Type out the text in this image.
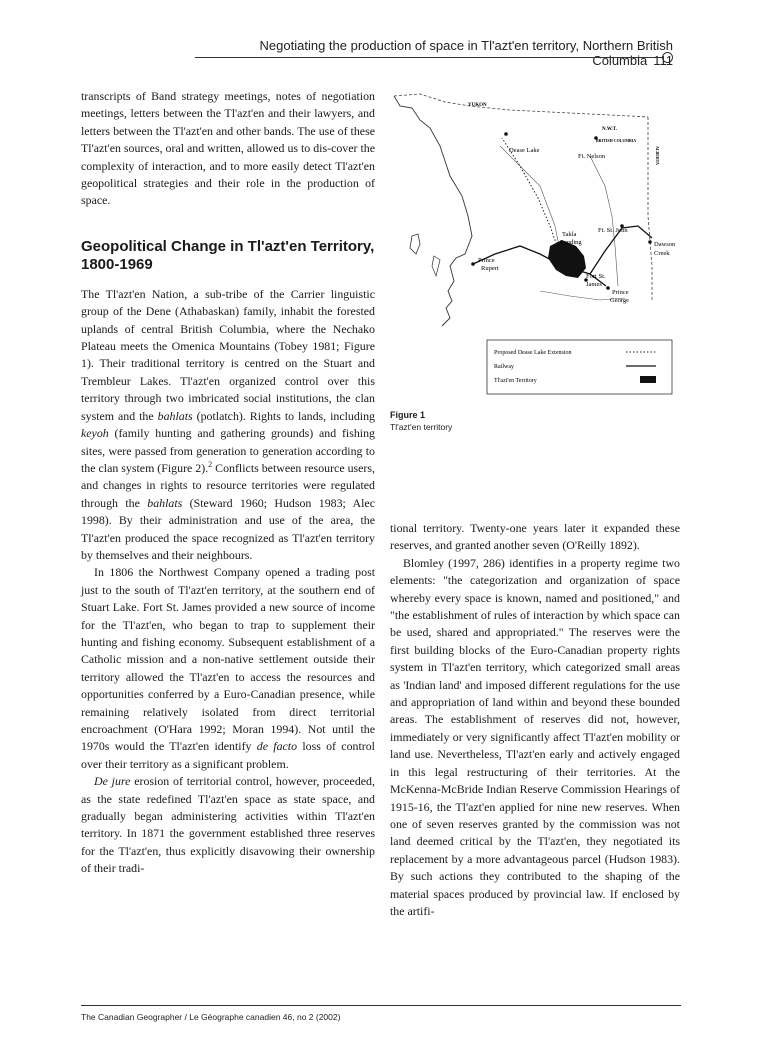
Negotiating the production of space in Tl'azt'en territory, Northern British Columbia 111

transcripts of Band strategy meetings, notes of negotiation meetings, letters between the Tl'azt'en and their lawyers, and letters between the Tl'azt'en and other bands. The use of these Tl'azt'en sources, oral and written, allowed us to dis-cover the complexity of interaction, and to more easily detect Tl'azt'en geopolitical strategies and their role in the production of space.

Geopolitical Change in Tl'azt'en Territory, 1800-1969

The Tl'azt'en Nation, a sub-tribe of the Carrier linguistic group of the Dene (Athabaskan) family, inhabit the forested uplands of central British Columbia, where the Nechako Plateau meets the Omenica Mountains (Tobey 1981; Figure 1). Their traditional territory is centred on the Stuart and Trembleur Lakes. Tl'azt'en organized control over this territory through two imbricated social institutions, the clan system and the bahlats (potlatch). Rights to lands, including keyoh (family hunting and gathering grounds) and fishing sites, were passed from generation to generation according to the clan system (Figure 2).$^2$ Conflicts between resource users, and changes in rights to resource territories were regulated through the bahlats (Steward 1960; Hudson 1983; Alec 1998). By their administration and use of the area, the Tl'azt'en produced the space recognized as Tl'azt'en territory by themselves and their neighbours.

In 1806 the Northwest Company opened a trading post just to the south of Tl'azt'en territory, at the southern end of Stuart Lake. Fort St. James provided a new source of income for the Tl'azt'en, who began to trap to supplement their hunting and fishing economy. Subsequent establishment of a Catholic mission and a non-native settlement outside their territory allowed the Tl'azt'en to access the resources and opportunities conferred by a Euro-Canadian presence, while remaining relatively isolated from direct territorial encroachment (O'Hara 1992; Moran 1994). Not until the 1970s would the Tl'azt'en identify de facto loss of control over their territory as a significant problem.

De jure erosion of territorial control, however, proceeded, as the state redefined Tl'azt'en space as state space, and gradually began administering activities within Tl'azt'en territory. In 1871 the government established three reserves for the Tl'azt'en, thus explicitly disavowing their ownership of their tradi-

YUKON
N.W.T.
BRITISH COLUMBIA
ALBERTA
Dease Lake
Ft. Nelson
Ft. St. John
Dawson
Creek
Takla
Landing
Prince
Rupert
Fort St.
James
Prince
George
Proposed Dease Lake Extension
Railway
Tl'azt'en Territory
Figure 1
Tl'azt'en territory

tional territory. Twenty-one years later it expanded these reserves, and granted another seven (O'Reilly 1892).

Blomley (1997, 286) identifies in a property regime two elements: "the categorization and organization of space whereby every space is known, named and positioned," and "the establishment of rules of interaction by which space can be used, shared and appropriated." The reserves were the first building blocks of the Euro-Canadian property rights system in Tl'azt'en territory, which categorized small areas as 'Indian land' and imposed different regulations for the use and appropriation of land within and beyond these bounded areas. The establishment of reserves did not, however, immediately or very significantly affect Tl'azt'en mobility or land use. Nevertheless, Tl'azt'en early and actively engaged in this legal restructuring of their territories. At the McKenna-McBride Indian Reserve Commission Hearings of 1915-16, the Tl'azt'en applied for nine new reserves. When one of seven reserves granted by the commission was not land deemed critical by the Tl'azt'en, they negotiated its replacement by a more advantageous parcel (Hudson 1983). By such actions they contributed to the shaping of the material spaces produced by provincial law. If enclosed by the artifi-

The Canadian Geographer / Le Géographe canadien 46, no 2 (2002)
